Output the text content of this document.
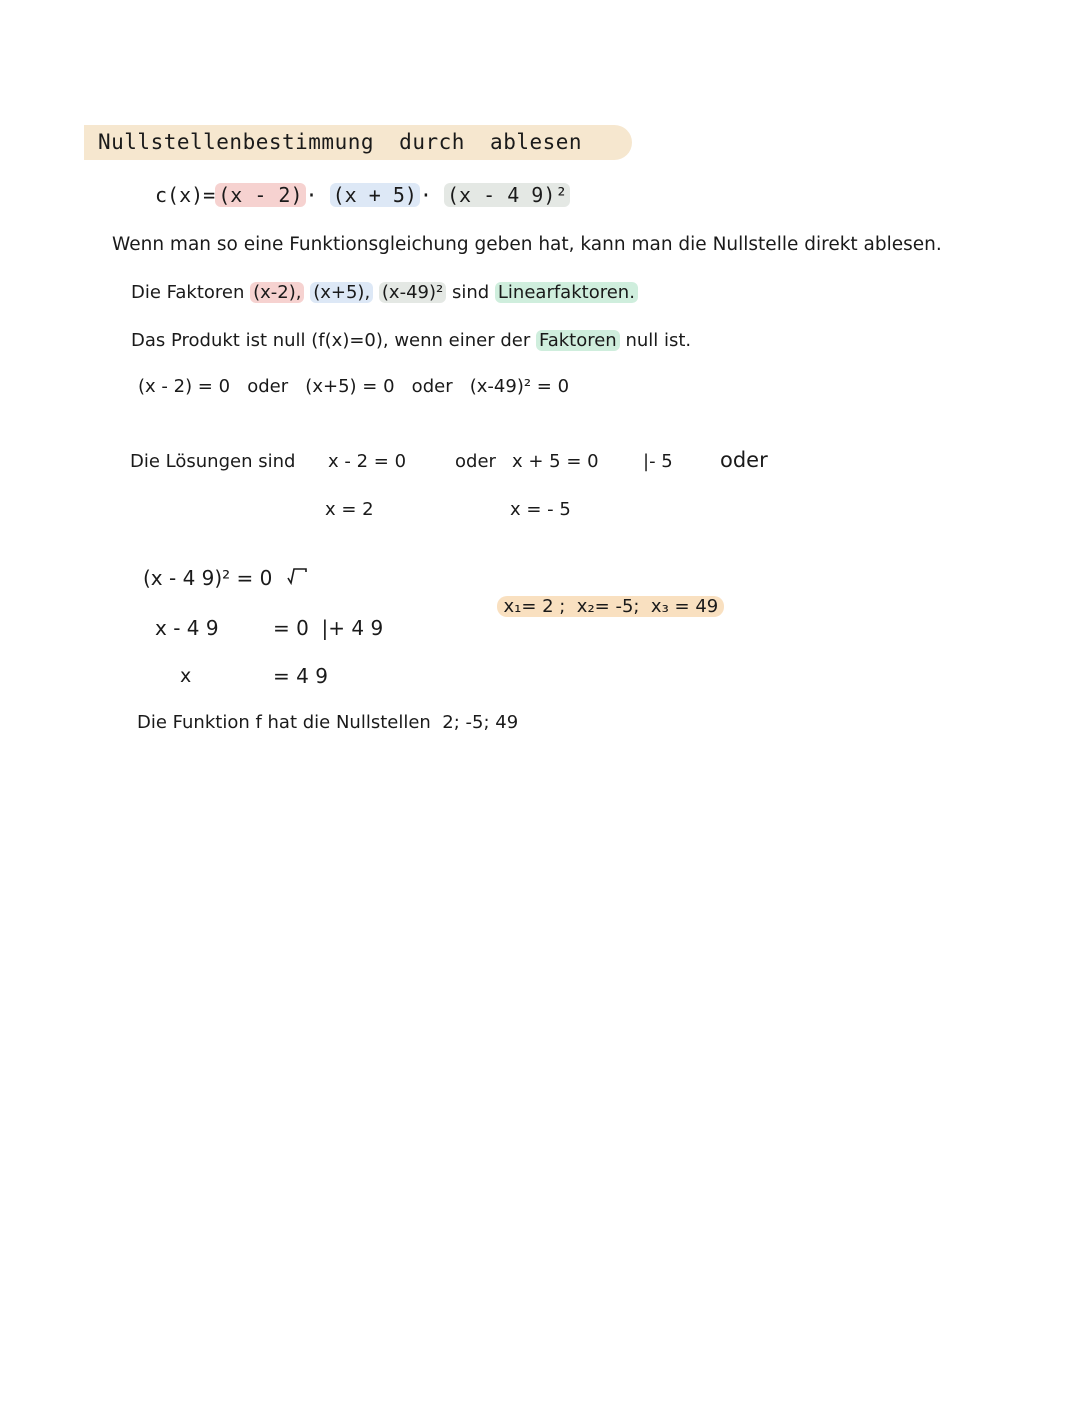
Nullstellenbestimmung durch ablesen
c(x)= (x - 2) · (x + 5) · (x - 4 9)²
Wenn man so eine Funktionsgleichung geben hat, kann man die Nullstelle direkt ablesen.
Die Faktoren (x-2), (x+5), (x-49)² sind Linearfaktoren.
Das Produkt ist null (f(x)=0), wenn einer der Faktoren null ist.
(x - 2) = 0   oder   (x+5) = 0   oder   (x-49)² = 0
Die Lösungen sind x - 2 = 0	oder x + 5 = 0 |- 5 oder
x = 2	x = - 5
(x - 4 9)² = 0
x - 4 9	= 0  |+ 4 9
x	= 4 9

x₁= 2 ;  x₂= -5;  x₃ = 49

Die Funktion f hat die Nullstellen  2; -5; 49
